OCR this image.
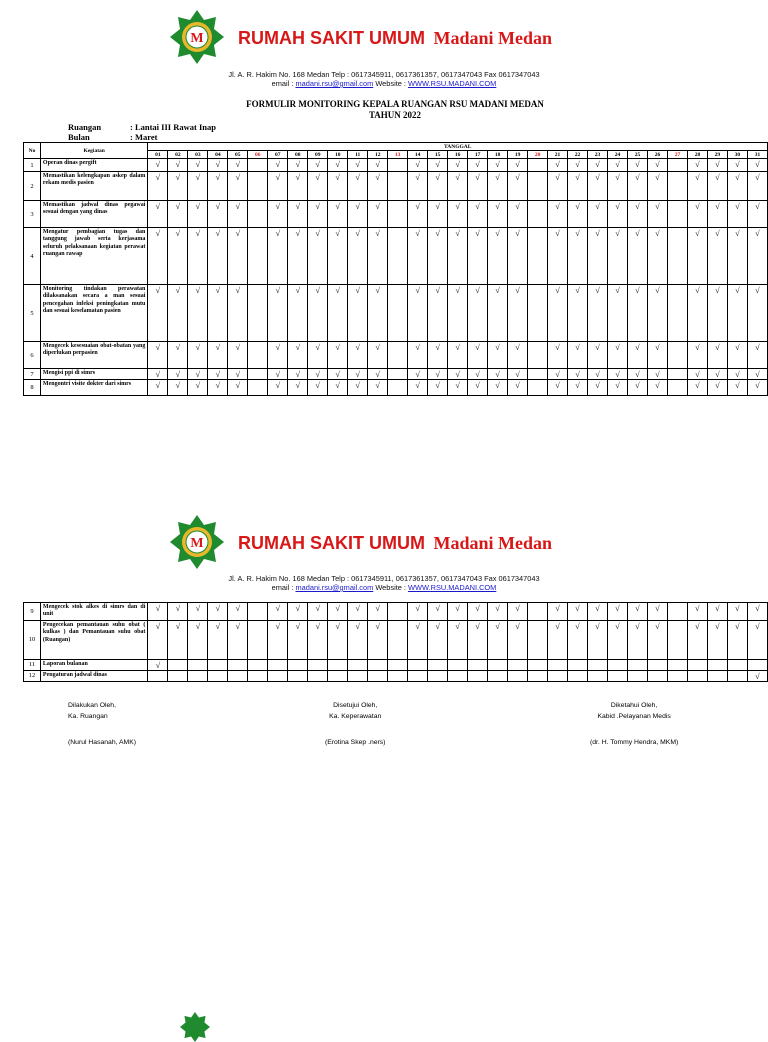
M RUMAH SAKIT UMUM Madani Medan
Jl. A. R. Hakim No. 168 Medan Telp : 0617345911, 0617361357, 0617347043 Fax 0617347043
email : madani.rsu@gmail.com Website : WWW.RSU.MADANI.COM
FORMULIR MONITORING KEPALA RUANGAN RSU MADANI MEDAN
TAHUN 2022
Ruangan	: Lantai III Rawat Inap
Bulan	: Maret
No	Kegiatan	TANGGAL																														
		01	02	03	04	05	06	07	08	09	10	11	12	13	14	15	16	17	18	19	20	21	22	23	24	25	26	27	28	29	30	31
1	Operan dinas pergift	√	√	√	√	√		√	√	√	√	√	√		√	√	√	√	√	√		√	√	√	√	√	√		√	√	√	√
2	Memastikan kelengkapan askep dalam rekam medis pasien	√	√	√	√	√		√	√	√	√	√	√		√	√	√	√	√	√		√	√	√	√	√	√		√	√	√	√
3	Memastikan jadwal dinas pegawai sesuai dengan yang dinas	√	√	√	√	√		√	√	√	√	√	√		√	√	√	√	√	√		√	√	√	√	√	√		√	√	√	√
4	Mengatur pembagian tugas dan tanggung jawab serta kerjasama seluruh pelaksanaan kegiatan perawat ruangan rawap	√	√	√	√	√		√	√	√	√	√	√		√	√	√	√	√	√		√	√	√	√	√	√		√	√	√	√
5	Monitoring tindakan perawatan dilaksanakan secara a man sesuai pencegahan infeksi peningkatan mutu dan sesuai keselamatan pasien	√	√	√	√	√		√	√	√	√	√	√		√	√	√	√	√	√		√	√	√	√	√	√		√	√	√	√
6	Mengecek kesesuaian obat-obatan yang diperlukan perpasien	√	√	√	√	√		√	√	√	√	√	√		√	√	√	√	√	√		√	√	√	√	√	√		√	√	√	√
7	Mengisi ppi di simrs	√	√	√	√	√		√	√	√	√	√	√		√	√	√	√	√	√		√	√	√	√	√	√		√	√	√	√
8	Mengontri visite dokter dari simrs	√	√	√	√	√		√	√	√	√	√	√		√	√	√	√	√	√		√	√	√	√	√	√		√	√	√	√
M RUMAH SAKIT UMUM Madani Medan
Jl. A. R. Hakim No. 168 Medan Telp : 0617345911, 0617361357, 0617347043 Fax 0617347043
email : madani.rsu@gmail.com Website : WWW.RSU.MADANI.COM
9	Mengecek stok alkes di simrs dan di unit	√	√	√	√	√		√	√	√	√	√	√		√	√	√	√	√	√		√	√	√	√	√	√		√	√	√	√
10	Pengecekan pemantauan suhu obat ( kulkas ) dan Pemantauan suhu obat (Ruangan)	√	√	√	√	√		√	√	√	√	√	√		√	√	√	√	√	√		√	√	√	√	√	√		√	√	√	√
11	Laporan bulanan	√																														
12	Pengaturan jadwal dinas																															√
Dilakukan Oleh,
Ka. Ruangan
(Nurul Hasanah, AMK)
Disetujui Oleh,
Ka. Keperawatan
(Erotina Skep .ners)
Diketahui Oleh,
Kabid .Pelayanan Medis
(dr. H. Tommy Hendra, MKM)
